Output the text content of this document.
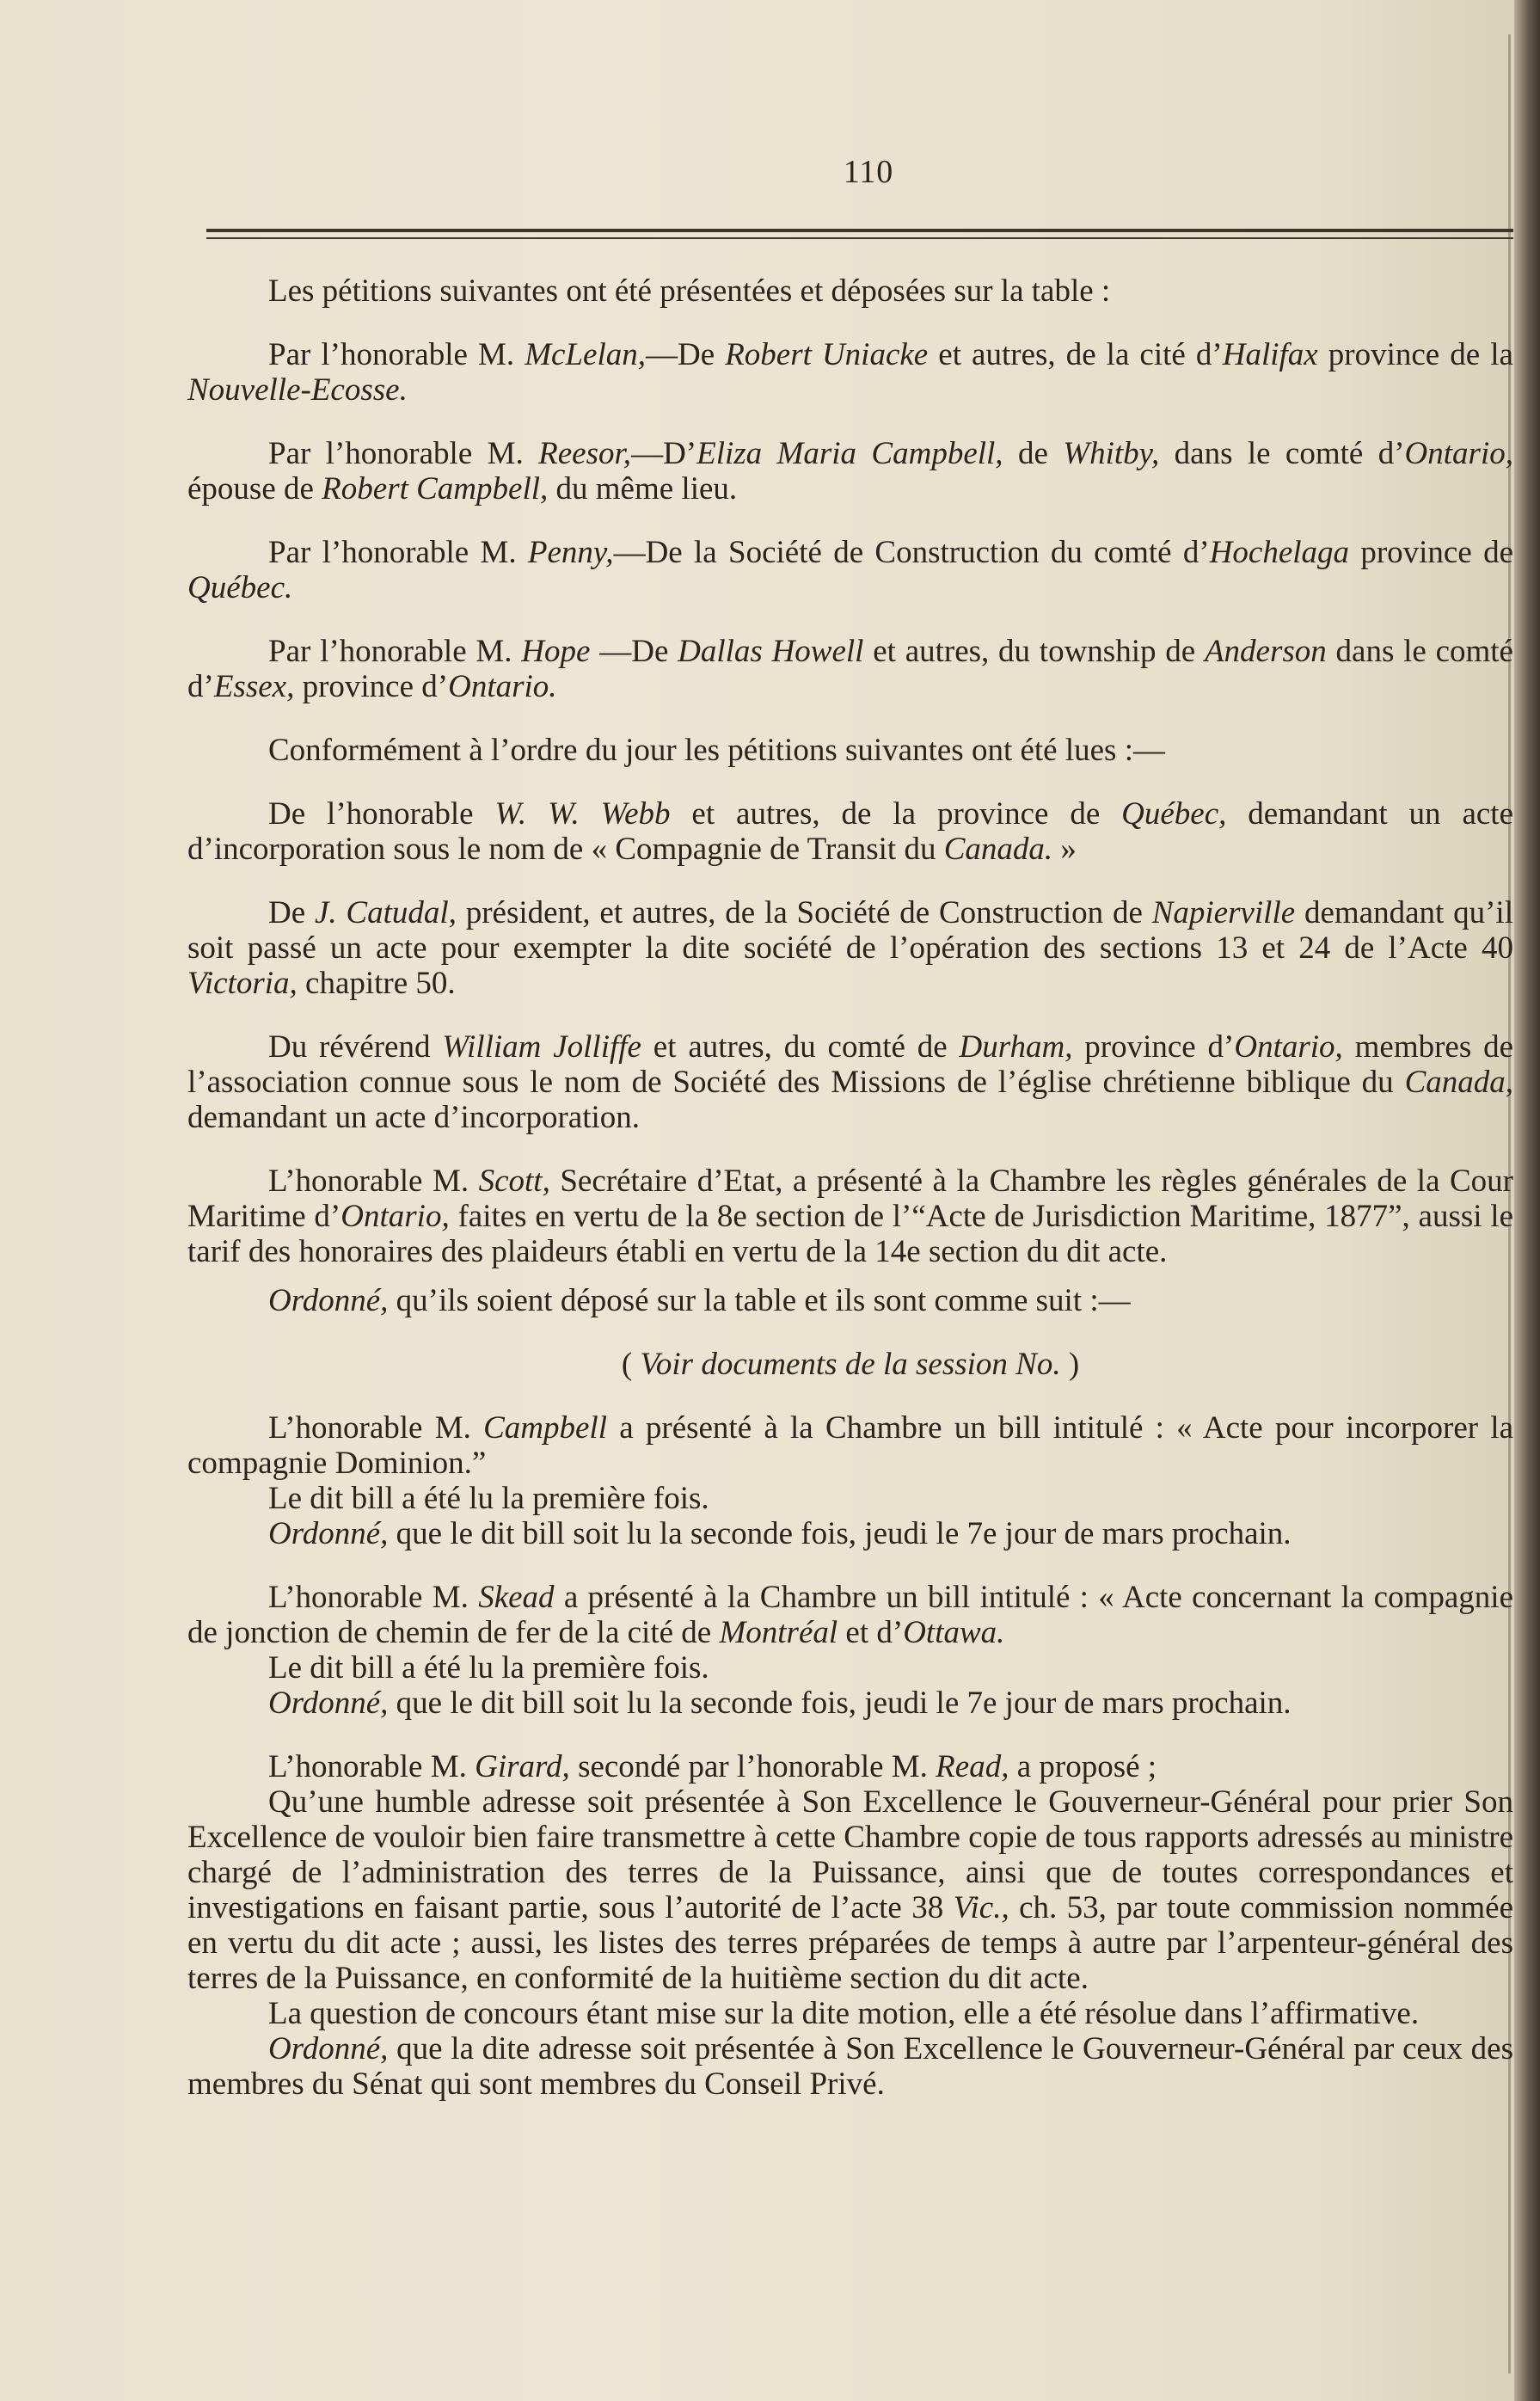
110

Les pétitions suivantes ont été présentées et déposées sur la table :

Par l’honorable M. McLelan,—De Robert Uniacke et autres, de la cité d’Halifax province de la Nouvelle-Ecosse.

Par l’honorable M. Reesor,—D’Eliza Maria Campbell, de Whitby, dans le comté d’Ontario, épouse de Robert Campbell, du même lieu.

Par l’honorable M. Penny,—De la Société de Construction du comté d’Hochelaga province de Québec.

Par l’honorable M. Hope —De Dallas Howell et autres, du township de Anderson dans le comté d’Essex, province d’Ontario.

Conformément à l’ordre du jour les pétitions suivantes ont été lues :—

De l’honorable W. W. Webb et autres, de la province de Québec, demandant un acte d’incorporation sous le nom de « Compagnie de Transit du Canada. »

De J. Catudal, président, et autres, de la Société de Construction de Napierville demandant qu’il soit passé un acte pour exempter la dite société de l’opération des sections 13 et 24 de l’Acte 40 Victoria, chapitre 50.

Du révérend William Jolliffe et autres, du comté de Durham, province d’Ontario, membres de l’association connue sous le nom de Société des Missions de l’église chrétienne biblique du Canada, demandant un acte d’incorporation.

L’honorable M. Scott, Secrétaire d’Etat, a présenté à la Chambre les règles générales de la Cour Maritime d’Ontario, faites en vertu de la 8e section de l’“Acte de Jurisdiction Maritime, 1877”, aussi le tarif des honoraires des plaideurs établi en vertu de la 14e section du dit acte.

Ordonné, qu’ils soient déposé sur la table et ils sont comme suit :—

( Voir documents de la session No. )

L’honorable M. Campbell a présenté à la Chambre un bill intitulé : « Acte pour incorporer la compagnie Dominion.”

Le dit bill a été lu la première fois.

Ordonné, que le dit bill soit lu la seconde fois, jeudi le 7e jour de mars prochain.

L’honorable M. Skead a présenté à la Chambre un bill intitulé : « Acte concernant la compagnie de jonction de chemin de fer de la cité de Montréal et d’Ottawa.

Le dit bill a été lu la première fois.

Ordonné, que le dit bill soit lu la seconde fois, jeudi le 7e jour de mars prochain.

L’honorable M. Girard, secondé par l’honorable M. Read, a proposé ;

Qu’une humble adresse soit présentée à Son Excellence le Gouverneur-Général pour prier Son Excellence de vouloir bien faire transmettre à cette Chambre copie de tous rapports adressés au ministre chargé de l’administration des terres de la Puissance, ainsi que de toutes correspondances et investigations en faisant partie, sous l’autorité de l’acte 38 Vic., ch. 53, par toute commission nommée en vertu du dit acte ; aussi, les listes des terres préparées de temps à autre par l’arpenteur-général des terres de la Puissance, en conformité de la huitième section du dit acte.

La question de concours étant mise sur la dite motion, elle a été résolue dans l’affirmative.

Ordonné, que la dite adresse soit présentée à Son Excellence le Gouverneur-Général par ceux des membres du Sénat qui sont membres du Conseil Privé.
